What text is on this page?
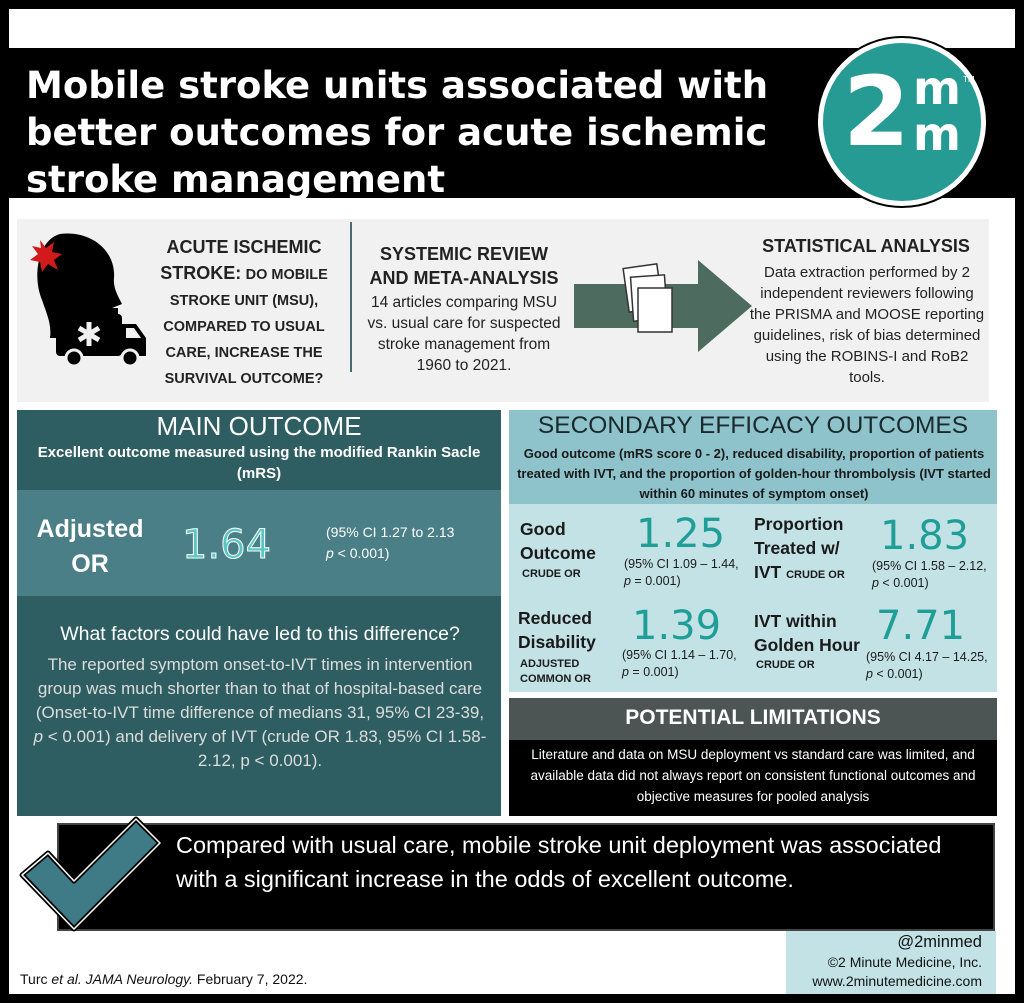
Mobile stroke units associated with better outcomes for acute ischemic stroke management
2 m
m
TM
ACUTE ISCHEMIC
STROKE: DO MOBILE
STROKE UNIT (MSU),
COMPARED TO USUAL
CARE, INCREASE THE
SURVIVAL OUTCOME?
SYSTEMIC REVIEW AND META-ANALYSIS
14 articles comparing MSU vs. usual care for suspected stroke management from 1960 to 2021.
STATISTICAL ANALYSIS
Data extraction performed by 2 independent reviewers following the PRISMA and MOOSE reporting guidelines, risk of bias determined using the ROBINS-I and RoB2 tools.
MAIN OUTCOME
Excellent outcome measured using the modified Rankin Sacle (mRS)
Adjusted OR	1.64	(95% CI 1.27 to 2.13
p < 0.001)
What factors could have led to this difference?
The reported symptom onset-to-IVT times in intervention group was much shorter than to that of hospital-based care (Onset-to-IVT time difference of medians 31, 95% CI 23-39, p < 0.001) and delivery of IVT (crude OR 1.83, 95% CI 1.58-2.12, p < 0.001).
SECONDARY EFFICACY OUTCOMES
Good outcome (mRS score 0 - 2), reduced disability, proportion of patients treated with IVT, and the proportion of golden-hour thrombolysis (IVT started within 60 minutes of symptom onset)
Good
Outcome
CRUDE OR
1.25
(95% CI 1.09 – 1.44,
p = 0.001)
Proportion
Treated w/
IVT CRUDE OR
1.83
(95% CI 1.58 – 2.12,
p < 0.001)
Reduced
Disability
ADJUSTED
COMMON OR
1.39
(95% CI 1.14 – 1.70,
p = 0.001)
IVT within
Golden Hour
CRUDE OR
7.71
(95% CI 4.17 – 14.25,
p < 0.001)
POTENTIAL LIMITATIONS
Literature and data on MSU deployment vs standard care was limited, and available data did not always report on consistent functional outcomes and objective measures for pooled analysis
Compared with usual care, mobile stroke unit deployment was associated with a significant increase in the odds of excellent outcome.
@2minmed
©2 Minute Medicine, Inc.
www.2minutemedicine.com
Turc et al. JAMA Neurology. February 7, 2022.
